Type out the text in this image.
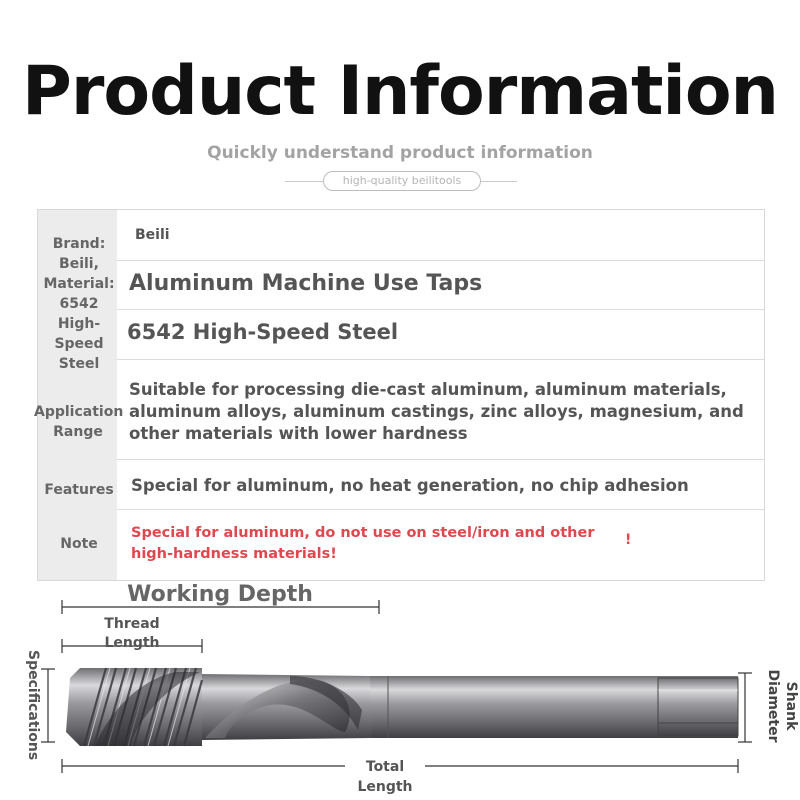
Product Information
Quickly understand product information
high-quality beilitools
Brand:
Beili,
Material:
6542
High-Speed
Steel
Application
Range
Features
Note
Beili
Aluminum Machine Use Taps
6542 High-Speed Steel
Suitable for processing die-cast aluminum, aluminum materials,
aluminum alloys, aluminum castings, zinc alloys, magnesium, and
other materials with lower hardness
Special for aluminum, no heat generation, no chip adhesion
Special for aluminum, do not use on steel/iron and other
high-hardness materials!
!
Working Depth
Thread
Length
Specifications	Shank
Diameter
Total
Length
